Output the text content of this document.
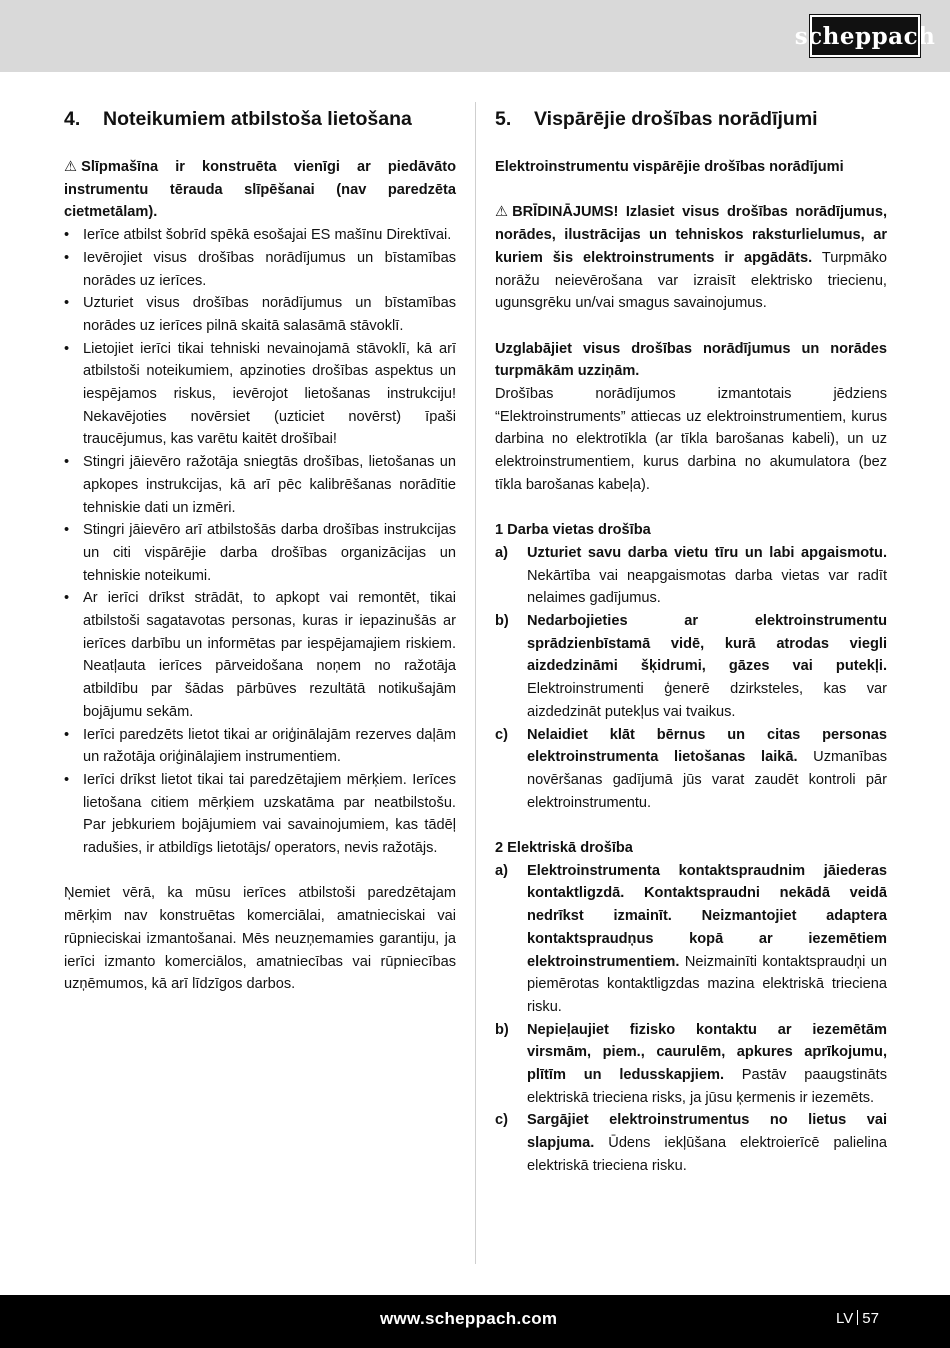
scheppach
4.	Noteikumiem atbilstoša lietošana

⚠ Slīpmašīna ir konstruēta vienīgi ar piedāvāto instrumentu tērauda slīpēšanai (nav paredzēta cietmetālam).

• Ierīce atbilst šobrīd spēkā esošajai ES mašīnu Direktīvai.
• Ievērojiet visus drošības norādījumus un bīstamības norādes uz ierīces.
• Uzturiet visus drošības norādījumus un bīstamības norādes uz ierīces pilnā skaitā salasāmā stāvoklī.
• Lietojiet ierīci tikai tehniski nevainojamā stāvoklī, kā arī atbilstoši noteikumiem, apzinoties drošības aspektus un iespējamos riskus, ievērojot lietošanas instrukciju! Nekavējoties novērsiet (uzticiet novērst) īpaši traucējumus, kas varētu kaitēt drošībai!
• Stingri jāievēro ražotāja sniegtās drošības, lietošanas un apkopes instrukcijas, kā arī pēc kalibrēšanas norādītie tehniskie dati un izmēri.
• Stingri jāievēro arī atbilstošās darba drošības instrukcijas un citi vispārējie darba drošības organizācijas un tehniskie noteikumi.
• Ar ierīci drīkst strādāt, to apkopt vai remontēt, tikai atbilstoši sagatavotas personas, kuras ir iepazinušās ar ierīces darbību un informētas par iespējamajiem riskiem. Neatļauta ierīces pārveidošana noņem no ražotāja atbildību par šādas pārbūves rezultātā notikušajām bojājumu sekām.
• Ierīci paredzēts lietot tikai ar oriģinālajām rezerves daļām un ražotāja oriģinālajiem instrumentiem.
• Ierīci drīkst lietot tikai tai paredzētajiem mērķiem. Ierīces lietošana citiem mērķiem uzskatāma par neatbilstošu. Par jebkuriem bojājumiem vai savainojumiem, kas tādēļ radušies, ir atbildīgs lietotājs/ operators, nevis ražotājs.

Ņemiet vērā, ka mūsu ierīces atbilstoši paredzētajam mērķim nav konstruētas komerciālai, amatnieciskai vai rūpnieciskai izmantošanai. Mēs neuzņemamies garantiju, ja ierīci izmanto komerciālos, amatniecības vai rūpniecības uzņēmumos, kā arī līdzīgos darbos.

5.	Vispārējie drošības norādījumi

Elektroinstrumentu vispārējie drošības norādījumi

⚠ BRĪDINĀJUMS! Izlasiet visus drošības norādījumus, norādes, ilustrācijas un tehniskos raksturlielumus, ar kuriem šis elektroinstruments ir apgādāts. Turpmāko norāžu neievērošana var izraisīt elektrisko triecienu, ugunsgrēku un/vai smagus savainojumus.

Uzglabājiet visus drošības norādījumus un norādes turpmākām uzziņām.

Drošības norādījumos izmantotais jēdziens “Elektroinstruments” attiecas uz elektroinstrumentiem, kurus darbina no elektrotīkla (ar tīkla barošanas kabeli), un uz elektroinstrumentiem, kurus darbina no akumulatora (bez tīkla barošanas kabeļa).

1 Darba vietas drošība

a)	Uzturiet savu darba vietu tīru un labi apgaismotu. Nekārtība vai neapgaismotas darba vietas var radīt nelaimes gadījumus.
b)	Nedarbojieties ar elektroinstrumentu sprādzienbīstamā vidē, kurā atrodas viegli aizdedzināmi šķidrumi, gāzes vai putekļi. Elektroinstrumenti ģenerē dzirksteles, kas var aizdedzināt putekļus vai tvaikus.
c)	Nelaidiet klāt bērnus un citas personas elektroinstrumenta lietošanas laikā. Uzmanības novēršanas gadījumā jūs varat zaudēt kontroli pār elektroinstrumentu.

2 Elektriskā drošība

a)	Elektroinstrumenta kontaktspraudnim jāiederas kontaktligzdā. Kontaktspraudni nekādā veidā nedrīkst izmainīt. Neizmantojiet adaptera kontaktspraudņus kopā ar iezemētiem elektroinstrumentiem. Neizmainīti kontaktspraudņi un piemērotas kontaktligzdas mazina elektriskā trieciena risku.
b)	Nepieļaujiet fizisko kontaktu ar iezemētām virsmām, piem., caurulēm, apkures aprīkojumu, plītīm un ledusskapjiem. Pastāv paaugstināts elektriskā trieciena risks, ja jūsu ķermenis ir iezemēts.
c)	Sargājiet elektroinstrumentus no lietus vai slapjuma. Ūdens iekļūšana elektroierīcē palielina elektriskā trieciena risku.
www.scheppach.com	LV 57
